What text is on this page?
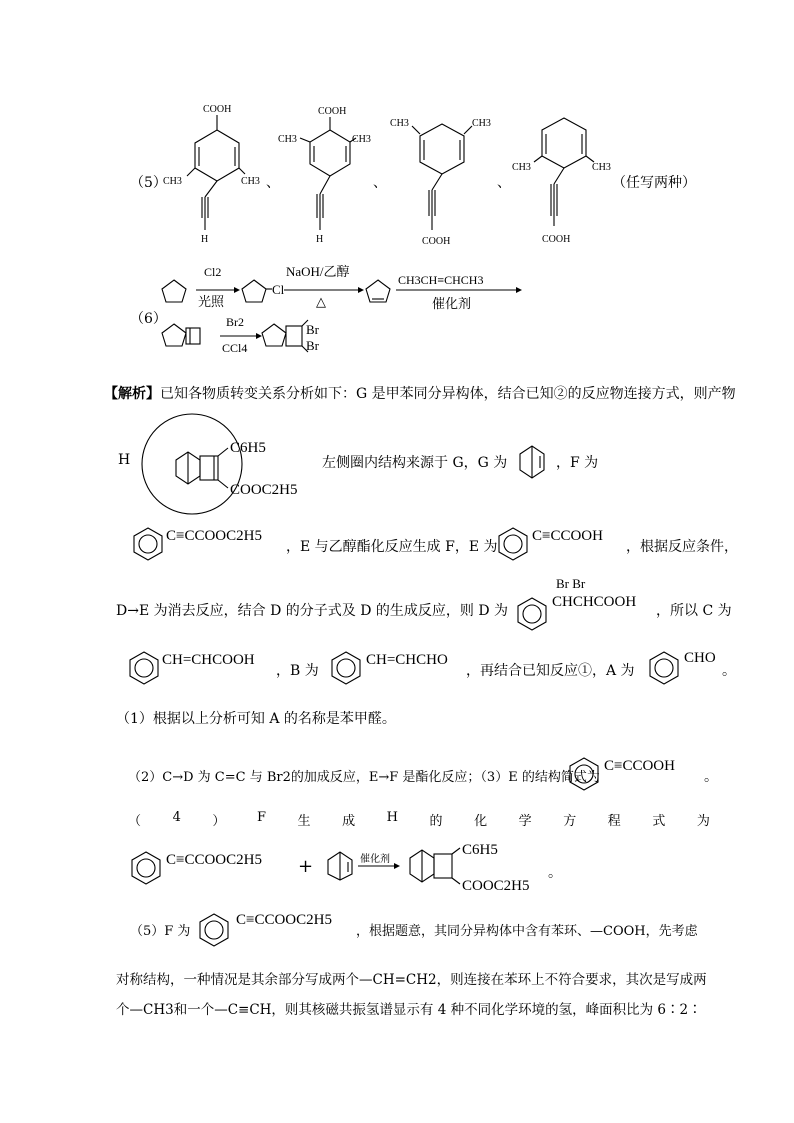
（5）
COOH
CH3	CH3
H
、
COOH
CH3	CH3
H
、
CH3	CH3
COOH
、
CH3	CH3
COOH
（任写两种）
（6）
Cl2
光照
Cl
NaOH/乙醇
△
CH3CH≡CHCH3
催化剂
Br2
CCl4
Br
Br
【解析】已知各物质转变关系分析如下：G 是甲苯同分异构体，结合已知②的反应物连接方式，则产物
H
C6H5
COOC2H5
左侧圈内结构来源于 G，G 为	，F 为
C≡CCOOC2H5
，E 与乙醇酯化反应生成 F，E 为
C≡CCOOH
，根据反应条件，
D→E 为消去反应，结合 D 的分子式及 D 的生成反应，则 D 为
Br Br
CHCHCOOH
，所以 C 为
CH=CHCOOH
，B 为
CH=CHCHO
，再结合已知反应①，A 为
CHO
。
（1）根据以上分析可知 A 的名称是苯甲醛。
（2）C→D 为 C=C 与 Br2的加成反应，E→F 是酯化反应；（3）E 的结构简式为
C≡CCOOH
。
（ 4 ） F 生 成 H 的 化 学 方 程 式 为
C≡CCOOC2H5 +	催化剂
C6H5
COOC2H5
。
（5）F 为
C≡CCOOC2H5
，根据题意，其同分异构体中含有苯环、—COOH，先考虑
对称结构，一种情况是其余部分写成两个—CH=CH2，则连接在苯环上不符合要求，其次是写成两
个—CH3和一个—C≡CH，则其核磁共振氢谱显示有 4 种不同化学环境的氢，峰面积比为 6∶2∶
